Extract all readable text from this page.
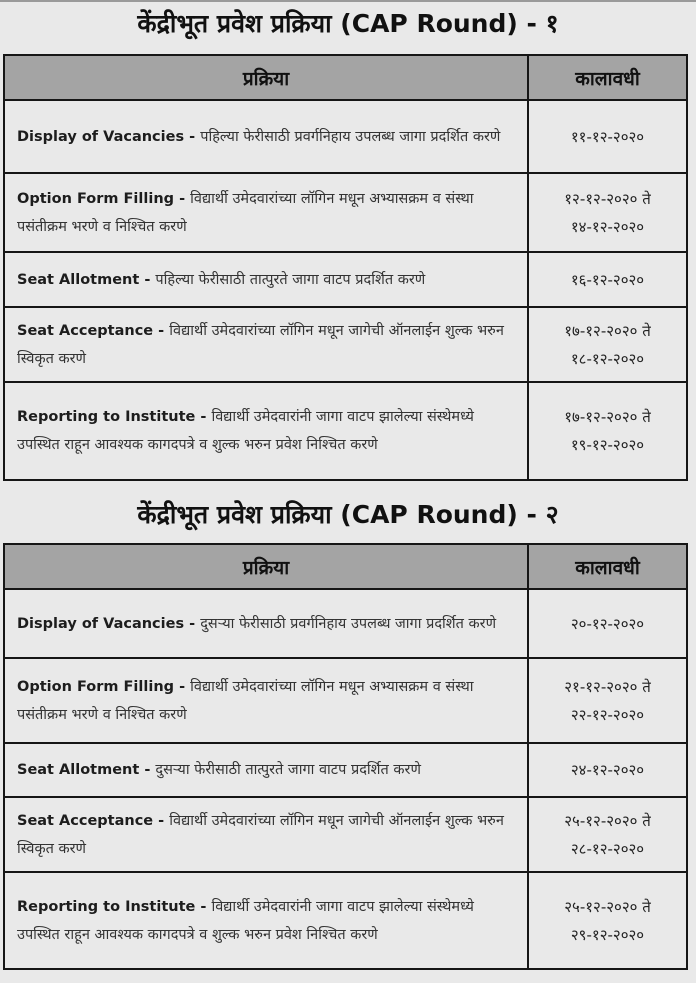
केंद्रीभूत प्रवेश प्रक्रिया (CAP Round) - १
प्रक्रिया	कालावधी
Display of Vacancies - पहिल्या फेरीसाठी प्रवर्गनिहाय उपलब्ध जागा प्रदर्शित करणे	११-१२-२०२०

Option Form Filling - विद्यार्थी उमेदवारांच्या लॉगिन मधून अभ्यासक्रम व संस्था पसंतीक्रम भरणे व निश्चित करणे	१२-१२-२०२० ते
१४-१२-२०२०

Seat Allotment - पहिल्या फेरीसाठी तात्पुरते जागा वाटप प्रदर्शित करणे	१६-१२-२०२०

Seat Acceptance - विद्यार्थी उमेदवारांच्या लॉगिन मधून जागेची ऑनलाईन शुल्क भरुन स्विकृत करणे	१७-१२-२०२० ते
१८-१२-२०२०

Reporting to Institute - विद्यार्थी उमेदवारांनी जागा वाटप झालेल्या संस्थेमध्ये उपस्थित राहून आवश्यक कागदपत्रे व शुल्क भरुन प्रवेश निश्चित करणे	१७-१२-२०२० ते
१९-१२-२०२०
केंद्रीभूत प्रवेश प्रक्रिया (CAP Round) - २
प्रक्रिया	कालावधी
Display of Vacancies - दुसऱ्या फेरीसाठी प्रवर्गनिहाय उपलब्ध जागा प्रदर्शित करणे	२०-१२-२०२०

Option Form Filling - विद्यार्थी उमेदवारांच्या लॉगिन मधून अभ्यासक्रम व संस्था पसंतीक्रम भरणे व निश्चित करणे	२१-१२-२०२० ते
२२-१२-२०२०

Seat Allotment - दुसऱ्या फेरीसाठी तात्पुरते जागा वाटप प्रदर्शित करणे	२४-१२-२०२०

Seat Acceptance - विद्यार्थी उमेदवारांच्या लॉगिन मधून जागेची ऑनलाईन शुल्क भरुन स्विकृत करणे	२५-१२-२०२० ते
२८-१२-२०२०

Reporting to Institute - विद्यार्थी उमेदवारांनी जागा वाटप झालेल्या संस्थेमध्ये उपस्थित राहून आवश्यक कागदपत्रे व शुल्क भरुन प्रवेश निश्चित करणे	२५-१२-२०२० ते
२९-१२-२०२०
